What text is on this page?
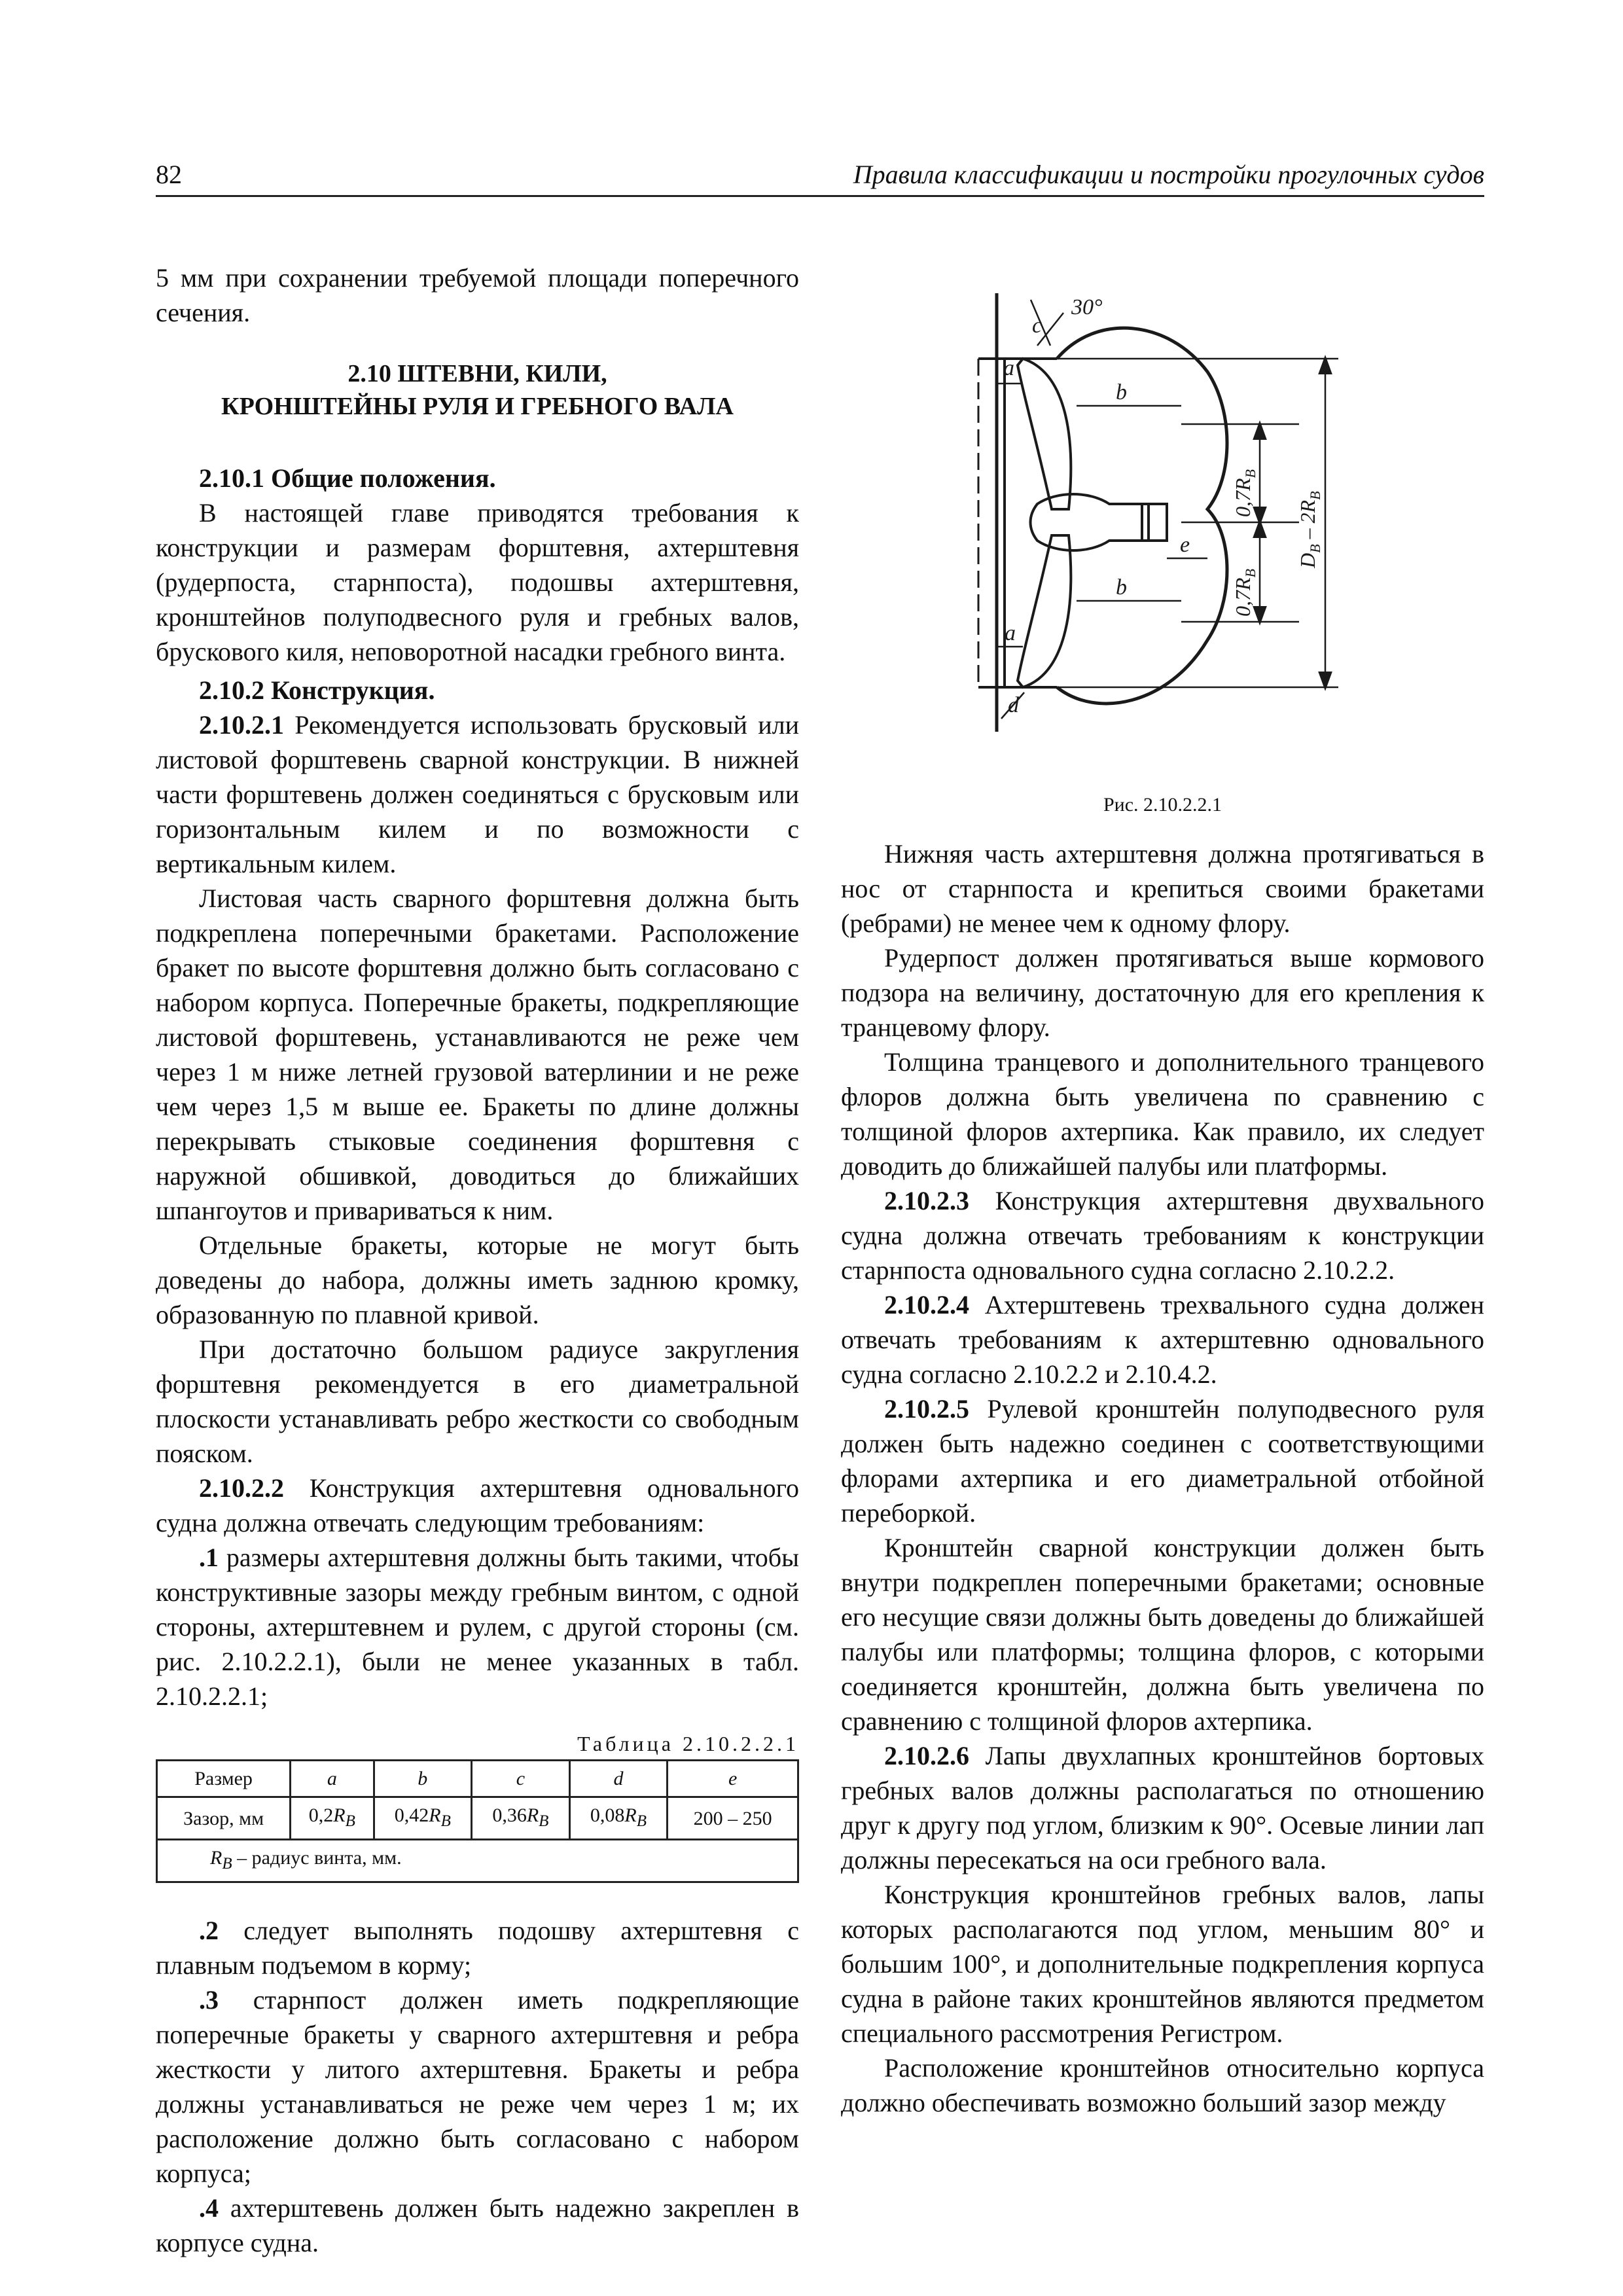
82	Правила классификации и постройки прогулочных судов

5 мм при сохранении требуемой площади поперечного сечения.

2.10 ШТЕВНИ, КИЛИ,
КРОНШТЕЙНЫ РУЛЯ И ГРЕБНОГО ВАЛА

2.10.1 Общие положения.

В настоящей главе приводятся требования к конструкции и размерам форштевня, ахтерштевня (рудерпоста, старнпоста), подошвы ахтерштевня, кронштейнов полуподвесного руля и гребных валов, брускового киля, неповоротной насадки гребного винта.

2.10.2 Конструкция.

2.10.2.1 Рекомендуется использовать брусковый или листовой форштевень сварной конструкции. В нижней части форштевень должен соединяться с брусковым или горизонтальным килем и по возможности с вертикальным килем.

Листовая часть сварного форштевня должна быть подкреплена поперечными бракетами. Расположение бракет по высоте форштевня должно быть согласовано с набором корпуса. Поперечные бракеты, подкрепляющие листовой форштевень, устанавливаются не реже чем через 1 м ниже летней грузовой ватерлинии и не реже чем через 1,5 м выше ее. Бракеты по длине должны перекрывать стыковые соединения форштевня с наружной обшивкой, доводиться до ближайших шпангоутов и привариваться к ним.

Отдельные бракеты, которые не могут быть доведены до набора, должны иметь заднюю кромку, образованную по плавной кривой.

При достаточно большом радиусе закругления форштевня рекомендуется в его диаметральной плоскости устанавливать ребро жесткости со свободным пояском.

2.10.2.2 Конструкция ахтерштевня одновального судна должна отвечать следующим требованиям:

.1 размеры ахтерштевня должны быть такими, чтобы конструктивные зазоры между гребным винтом, с одной стороны, ахтерштевнем и рулем, с другой стороны (см. рис. 2.10.2.2.1), были не менее указанных в табл. 2.10.2.2.1;

Таблица 2.10.2.2.1
Размер	a	b	c	d	e
Зазор, мм	$0,2R_B$	$0,42R_B$	$0,36R_B$	$0,08R_B$	200 – 250
$R_B$ – радиус винта, мм.					

.2 следует выполнять подошву ахтерштевня с плавным подъемом в корму;

.3 старнпост должен иметь подкрепляющие поперечные бракеты у сварного ахтерштевня и ребра жесткости у литого ахтерштевня. Бракеты и ребра должны устанавливаться не реже чем через 1 м; их расположение должно быть согласовано с набором корпуса;

.4 ахтерштевень должен быть надежно закреплен в корпусе судна.

a
a
b
b
c
d
e
30°
$0,7R_B$
$0,7R_B$
$D_B - 2R_B$
Рис. 2.10.2.2.1

Нижняя часть ахтерштевня должна протягиваться в нос от старнпоста и крепиться своими бракетами (ребрами) не менее чем к одному флору.

Рудерпост должен протягиваться выше кормового подзора на величину, достаточную для его крепления к транцевому флору.

Толщина транцевого и дополнительного транцевого флоров должна быть увеличена по сравнению с толщиной флоров ахтерпика. Как правило, их следует доводить до ближайшей палубы или платформы.

2.10.2.3 Конструкция ахтерштевня двухвального судна должна отвечать требованиям к конструкции старнпоста одновального судна согласно 2.10.2.2.

2.10.2.4 Ахтерштевень трехвального судна должен отвечать требованиям к ахтерштевню одновального судна согласно 2.10.2.2 и 2.10.4.2.

2.10.2.5 Рулевой кронштейн полуподвесного руля должен быть надежно соединен с соответствующими флорами ахтерпика и его диаметральной отбойной переборкой.

Кронштейн сварной конструкции должен быть внутри подкреплен поперечными бракетами; основные его несущие связи должны быть доведены до ближайшей палубы или платформы; толщина флоров, с которыми соединяется кронштейн, должна быть увеличена по сравнению с толщиной флоров ахтерпика.

2.10.2.6 Лапы двухлапных кронштейнов бортовых гребных валов должны располагаться по отношению друг к другу под углом, близким к 90°. Осевые линии лап должны пересекаться на оси гребного вала.

Конструкция кронштейнов гребных валов, лапы которых располагаются под углом, меньшим 80° и большим 100°, и дополнительные подкрепления корпуса судна в районе таких кронштейнов являются предметом специального рассмотрения Регистром.

Расположение кронштейнов относительно корпуса должно обеспечивать возможно больший зазор между
